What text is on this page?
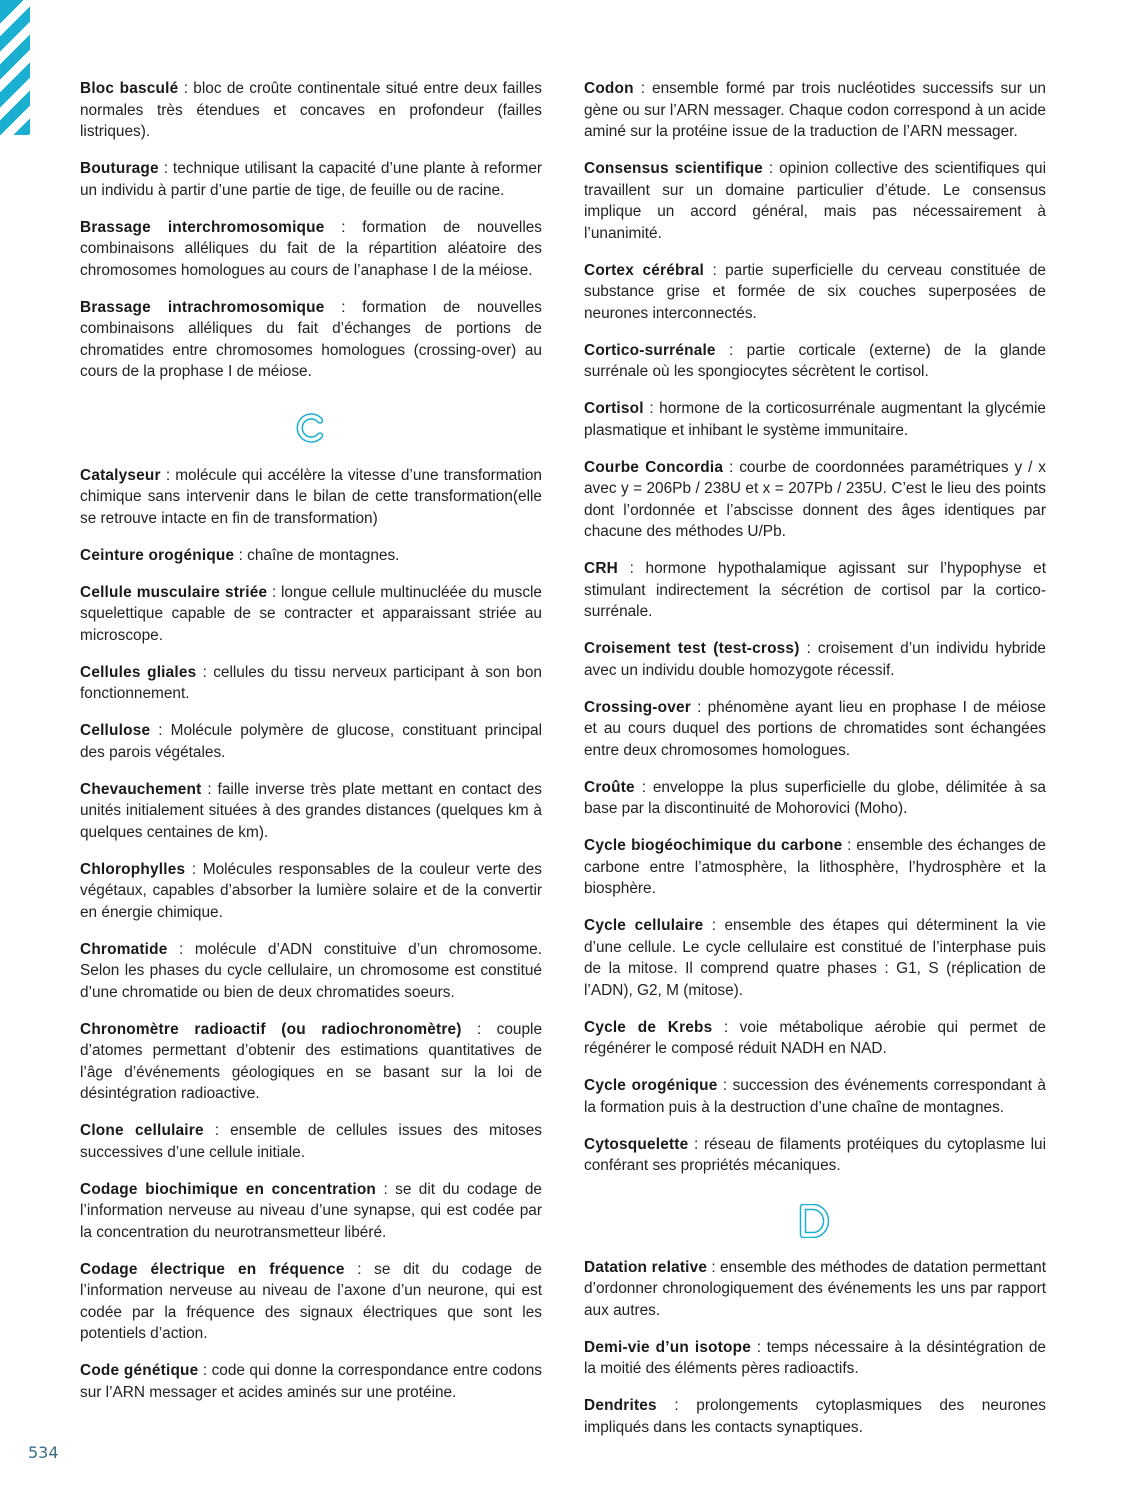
Bloc basculé : bloc de croûte continentale situé entre deux failles normales très étendues et concaves en profondeur (failles listriques).

Bouturage : technique utilisant la capacité d’une plante à reformer un individu à partir d’une partie de tige, de feuille ou de racine.

Brassage interchromosomique : formation de nouvelles combinaisons alléliques du fait de la répartition aléatoire des chromosomes homologues au cours de l’anaphase I de la méiose.

Brassage intrachromosomique : formation de nouvelles combinaisons alléliques du fait d’échanges de portions de chromatides entre chromosomes homologues (crossing-over) au cours de la prophase I de méiose.

Catalyseur : molécule qui accélère la vitesse d’une transformation chimique sans intervenir dans le bilan de cette transformation(elle se retrouve intacte en fin de transformation)

Ceinture orogénique : chaîne de montagnes.

Cellule musculaire striée : longue cellule multinucléée du muscle squelettique capable de se contracter et apparaissant striée au microscope.

Cellules gliales : cellules du tissu nerveux participant à son bon fonctionnement.

Cellulose : Molécule polymère de glucose, constituant principal des parois végétales.

Chevauchement : faille inverse très plate mettant en contact des unités initialement situées à des grandes distances (quelques km à quelques centaines de km).

Chlorophylles : Molécules responsables de la couleur verte des végétaux, capables d’absorber la lumière solaire et de la convertir en énergie chimique.

Chromatide : molécule d’ADN constituive d’un chromosome. Selon les phases du cycle cellulaire, un chromosome est constitué d’une chromatide ou bien de deux chromatides soeurs.

Chronomètre radioactif (ou radiochronomètre) : couple d’atomes permettant d’obtenir des estimations quantitatives de l’âge d’événements géologiques en se basant sur la loi de désintégration radioactive.

Clone cellulaire : ensemble de cellules issues des mitoses successives d’une cellule initiale.

Codage biochimique en concentration : se dit du codage de l’information nerveuse au niveau d’une synapse, qui est codée par la concentration du neurotransmetteur libéré.

Codage électrique en fréquence : se dit du codage de l’information nerveuse au niveau de l’axone d’un neurone, qui est codée par la fréquence des signaux électriques que sont les potentiels d’action.

Code génétique : code qui donne la correspondance entre codons sur l’ARN messager et acides aminés sur une protéine.

Codon : ensemble formé par trois nucléotides successifs sur un gène ou sur l’ARN messager. Chaque codon correspond à un acide aminé sur la protéine issue de la traduction de l’ARN messager.

Consensus scientifique : opinion collective des scientifiques qui travaillent sur un domaine particulier d’étude. Le consensus implique un accord général, mais pas nécessairement à l’unanimité.

Cortex cérébral : partie superficielle du cerveau constituée de substance grise et formée de six couches superposées de neurones interconnectés.

Cortico-surrénale : partie corticale (externe) de la glande surrénale où les spongiocytes sécrètent le cortisol.

Cortisol : hormone de la corticosurrénale augmentant la glycémie plasmatique et inhibant le système immunitaire.

Courbe Concordia : courbe de coordonnées paramétriques y / x avec y = 206Pb / 238U et x = 207Pb / 235U. C’est le lieu des points dont l’ordonnée et l’abscisse donnent des âges identiques par chacune des méthodes U/Pb.

CRH : hormone hypothalamique agissant sur l’hypophyse et stimulant indirectement la sécrétion de cortisol par la cortico-surrénale.

Croisement test (test-cross) : croisement d’un individu hybride avec un individu double homozygote récessif.

Crossing-over : phénomène ayant lieu en prophase I de méiose et au cours duquel des portions de chromatides sont échangées entre deux chromosomes homologues.

Croûte : enveloppe la plus superficielle du globe, délimitée à sa base par la discontinuité de Mohorovici (Moho).

Cycle biogéochimique du carbone : ensemble des échanges de carbone entre l’atmosphère, la lithosphère, l’hydrosphère et la biosphère.

Cycle cellulaire : ensemble des étapes qui déterminent la vie d’une cellule. Le cycle cellulaire est constitué de l’interphase puis de la mitose. Il comprend quatre phases : G1, S (réplication de l’ADN), G2, M (mitose).

Cycle de Krebs : voie métabolique aérobie qui permet de régénérer le composé réduit NADH en NAD.

Cycle orogénique : succession des événements correspondant à la formation puis à la destruction d’une chaîne de montagnes.

Cytosquelette : réseau de filaments protéiques du cytoplasme lui conférant ses propriétés mécaniques.

Datation relative : ensemble des méthodes de datation permettant d’ordonner chronologiquement des événements les uns par rapport aux autres.

Demi-vie d’un isotope : temps nécessaire à la désintégration de la moitié des éléments pères radioactifs.

Dendrites : prolongements cytoplasmiques des neurones impliqués dans les contacts synaptiques.

534
